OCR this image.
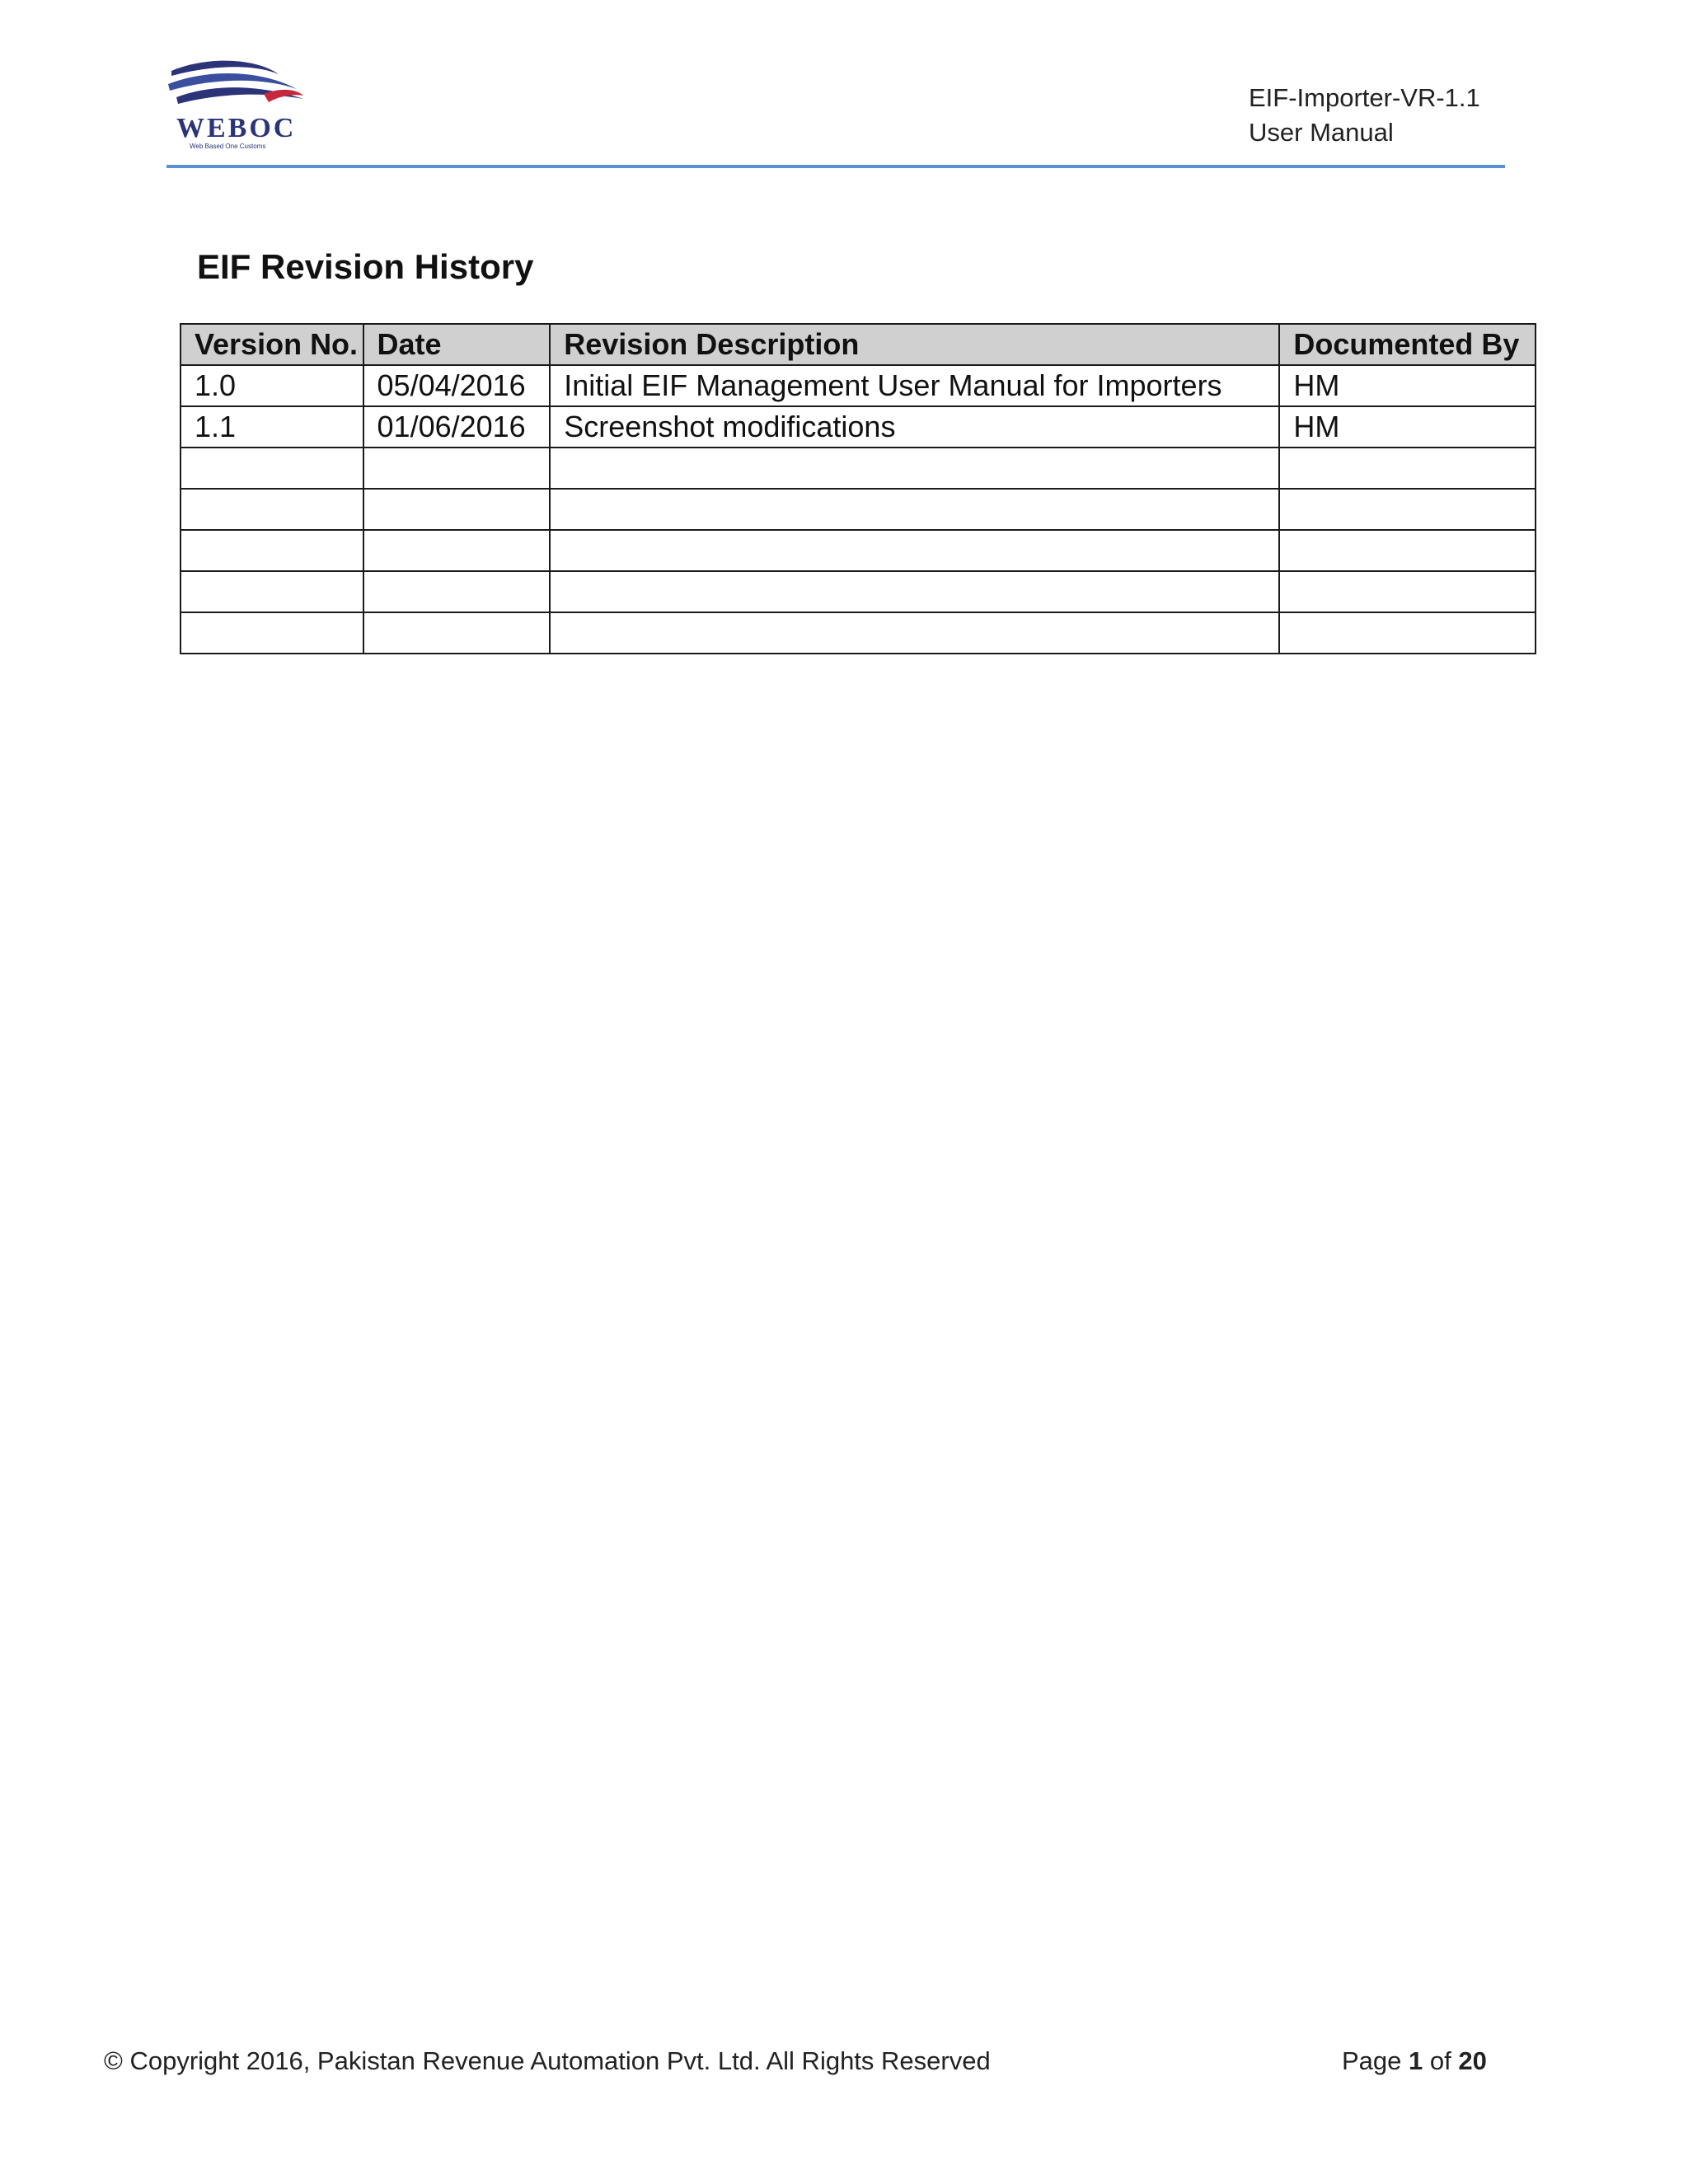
WEBOC
Web Based One Customs
EIF-Importer-VR-1.1
User Manual
EIF Revision History
Version No.	Date	Revision Description	Documented By
1.0	05/04/2016	Initial EIF Management User Manual for Importers	HM
1.1	01/06/2016	Screenshot modifications	HM

© Copyright 2016, Pakistan Revenue Automation Pvt. Ltd. All Rights Reserved	Page 1 of 20
